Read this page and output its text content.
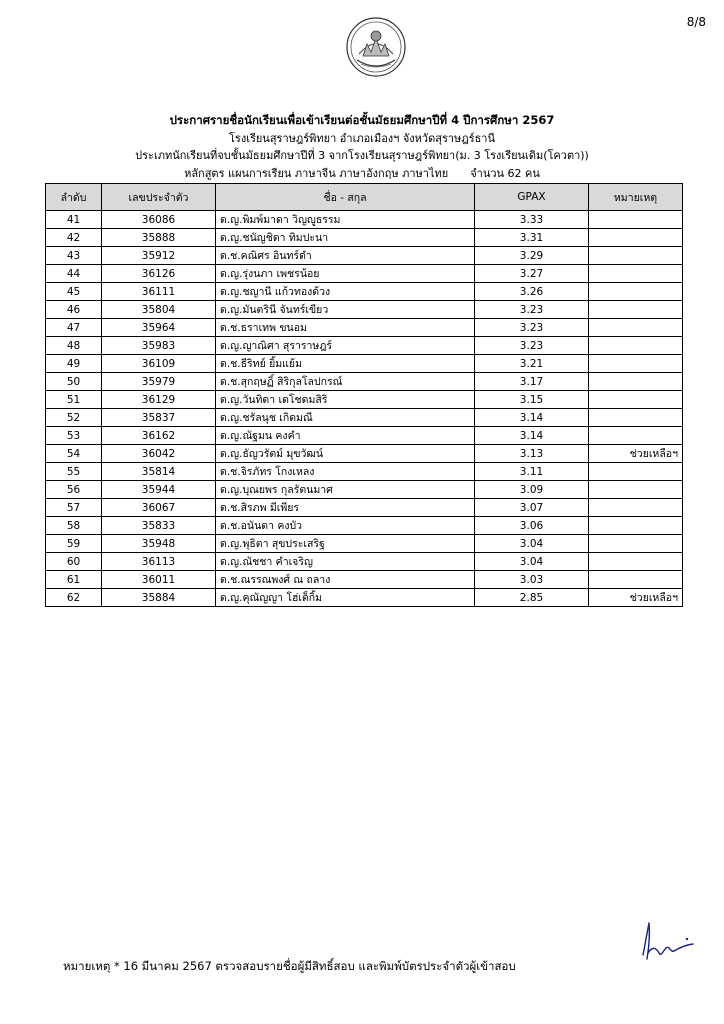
8/8
ประกาศรายชื่อนักเรียนเพื่อเข้าเรียนต่อชั้นมัธยมศึกษาปีที่ 4 ปีการศึกษา 2567
โรงเรียนสุราษฎร์พิทยา อำเภอเมืองฯ จังหวัดสุราษฎร์ธานี
ประเภทนักเรียนที่จบชั้นมัธยมศึกษาปีที่ 3 จากโรงเรียนสุราษฎร์พิทยา(ม. 3 โรงเรียนเดิม(โควตา))
หลักสูตร แผนการเรียน ภาษาจีน ภาษาอังกฤษ ภาษาไทย จำนวน 62 คน
ลำดับ	เลขประจำตัว	ชื่อ - สกุล	GPAX	หมายเหตุ
41	36086	ด.ญ.พิมพ์มาดา วิญญูธรรม	3.33	
42	35888	ด.ญ.ชนัญชิดา ทิมปะนา	3.31	
43	35912	ด.ช.คณิศร อินทร์ดำ	3.29	
44	36126	ด.ญ.รุ่งนภา เพชรน้อย	3.27	
45	36111	ด.ญ.ชญานี แก้วทองด้วง	3.26	
46	35804	ด.ญ.มันตรินี จันทร์เขียว	3.23	
47	35964	ด.ช.ธราเทพ ขนอม	3.23	
48	35983	ด.ญ.ญาณิศา สุราราษฎร์	3.23	
49	36109	ด.ช.ธีริทย์ ยิ้มแย้ม	3.21	
50	35979	ด.ช.สุกฤษฏิ์ สิริกุลโลปกรณ์	3.17	
51	36129	ด.ญ.วันทิดา เดโชดมสิริ	3.15	
52	35837	ด.ญ.ชรัลนุช เกิดมณี	3.14	
53	36162	ด.ญ.ณัฐมน คงคำ	3.14	
54	36042	ด.ญ.ธัญวรัตม์ มุขวัฒน์	3.13	ช่วยเหลือฯ
55	35814	ด.ช.จิรภัทร โกงเหลง	3.11	
56	35944	ด.ญ.บุณยพร กุลรัตนมาศ	3.09	
57	36067	ด.ช.สิรภพ มีเพียร	3.07	
58	35833	ด.ช.อนันดา คงบัว	3.06	
59	35948	ด.ญ.พุธิตา สุขประเสริฐ	3.04	
60	36113	ด.ญ.ณัชชา คำเจริญ	3.04	
61	36011	ด.ช.ณรรณพงศ์ ณ ถลาง	3.03	
62	35884	ด.ญ.คุณัญญา โฮ่เต็กิ้ม	2.85	ช่วยเหลือฯ
หมายเหตุ * 16 มีนาคม 2567 ตรวจสอบรายชื่อผู้มีสิทธิ์สอบ และพิมพ์บัตรประจำตัวผู้เข้าสอบ
